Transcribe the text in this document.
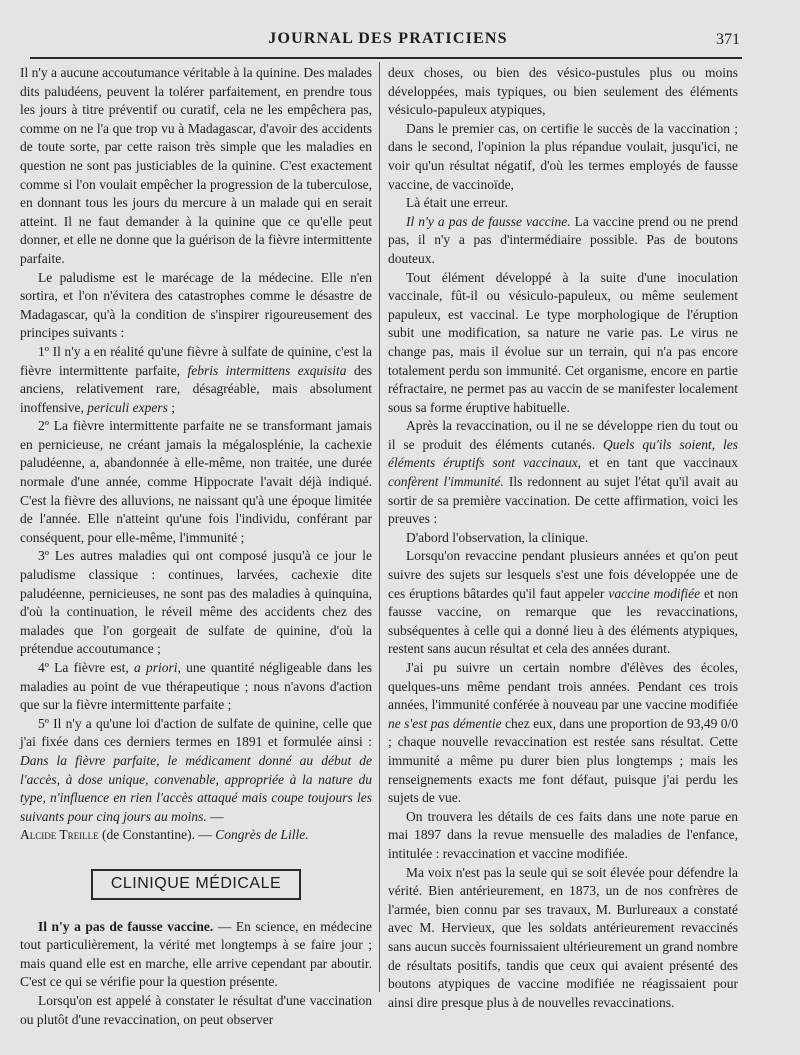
JOURNAL DES PRATICIENS	371

Il n'y a aucune accoutumance véritable à la quinine. Des malades dits paludéens, peuvent la tolérer parfaitement, en prendre tous les jours à titre préventif ou curatif, cela ne les empêchera pas, comme on ne l'a que trop vu à Madagascar, d'avoir des accidents de toute sorte, par cette raison très simple que les maladies en question ne sont pas justiciables de la quinine. C'est exactement comme si l'on voulait empêcher la progression de la tuberculose, en donnant tous les jours du mercure à un malade qui en serait atteint. Il ne faut demander à la quinine que ce qu'elle peut donner, et elle ne donne que la guérison de la fièvre intermittente parfaite.

Le paludisme est le marécage de la médecine. Elle n'en sortira, et l'on n'évitera des catastrophes comme le désastre de Madagascar, qu'à la condition de s'inspirer rigoureusement des principes suivants :

1º Il n'y a en réalité qu'une fièvre à sulfate de quinine, c'est la fièvre intermittente parfaite, febris intermittens exquisita des anciens, relativement rare, désagréable, mais absolument inoffensive, periculi expers ;

2º La fièvre intermittente parfaite ne se transformant jamais en pernicieuse, ne créant jamais la mégalosplénie, la cachexie paludéenne, a, abandonnée à elle-même, non traitée, une durée normale d'une année, comme Hippocrate l'avait déjà indiqué. C'est la fièvre des alluvions, ne naissant qu'à une époque limitée de l'année. Elle n'atteint qu'une fois l'individu, conférant par conséquent, pour elle-même, l'immunité ;

3º Les autres maladies qui ont composé jusqu'à ce jour le paludisme classique : continues, larvées, cachexie dite paludéenne, pernicieuses, ne sont pas des maladies à quinquina, d'où la continuation, le réveil même des accidents chez des malades que l'on gorgeait de sulfate de quinine, d'où la prétendue accoutumance ;

4º La fièvre est, a priori, une quantité négligeable dans les maladies au point de vue thérapeutique ; nous n'avons d'action que sur la fièvre intermittente parfaite ;

5º Il n'y a qu'une loi d'action de sulfate de quinine, celle que j'ai fixée dans ces derniers termes en 1891 et formulée ainsi : Dans la fièvre parfaite, le médicament donné au début de l'accès, à dose unique, convenable, appropriée à la nature du type, n'influence en rien l'accès attaqué mais coupe toujours les suivants pour cinq jours au moins. —

Alcide Treille (de Constantine). — Congrès de Lille.

CLINIQUE MÉDICALE

Il n'y a pas de fausse vaccine. — En science, en médecine tout particulièrement, la vérité met longtemps à se faire jour ; mais quand elle est en marche, elle arrive cependant par aboutir. C'est ce qui se vérifie pour la question présente.

Lorsqu'on est appelé à constater le résultat d'une vaccination ou plutôt d'une revaccination, on peut observer

deux choses, ou bien des vésico-pustules plus ou moins développées, mais typiques, ou bien seulement des éléments vésiculo-papuleux atypiques,

Dans le premier cas, on certifie le succès de la vaccination ; dans le second, l'opinion la plus répandue voulait, jusqu'ici, ne voir qu'un résultat négatif, d'où les termes employés de fausse vaccine, de vaccinoïde,

Là était une erreur.

Il n'y a pas de fausse vaccine. La vaccine prend ou ne prend pas, il n'y a pas d'intermédiaire possible. Pas de boutons douteux.

Tout élément développé à la suite d'une inoculation vaccinale, fût-il ou vésiculo-papuleux, ou même seulement papuleux, est vaccinal. Le type morphologique de l'éruption subit une modification, sa nature ne varie pas. Le virus ne change pas, mais il évolue sur un terrain, qui n'a pas encore totalement perdu son immunité. Cet organisme, encore en partie réfractaire, ne permet pas au vaccin de se manifester localement sous sa forme éruptive habituelle.

Après la revaccination, ou il ne se développe rien du tout ou il se produit des éléments cutanés. Quels qu'ils soient, les éléments éruptifs sont vaccinaux, et en tant que vaccinaux confèrent l'immunité. Ils redonnent au sujet l'état qu'il avait au sortir de sa première vaccination. De cette affirmation, voici les preuves :

D'abord l'observation, la clinique.

Lorsqu'on revaccine pendant plusieurs années et qu'on peut suivre des sujets sur lesquels s'est une fois développée une de ces éruptions bâtardes qu'il faut appeler vaccine modifiée et non fausse vaccine, on remarque que les revaccinations, subséquentes à celle qui a donné lieu à des éléments atypiques, restent sans aucun résultat et cela des années durant.

J'ai pu suivre un certain nombre d'élèves des écoles, quelques-uns même pendant trois années. Pendant ces trois années, l'immunité conférée à nouveau par une vaccine modifiée ne s'est pas démentie chez eux, dans une proportion de 93,49 0/0 ; chaque nouvelle revaccination est restée sans résultat. Cette immunité a même pu durer bien plus longtemps ; mais les renseignements exacts me font défaut, puisque j'ai perdu les sujets de vue.

On trouvera les détails de ces faits dans une note parue en mai 1897 dans la revue mensuelle des maladies de l'enfance, intitulée : revaccination et vaccine modifiée.

Ma voix n'est pas la seule qui se soit élevée pour défendre la vérité. Bien antérieurement, en 1873, un de nos confrères de l'armée, bien connu par ses travaux, M. Burlureaux a constaté avec M. Hervieux, que les soldats antérieurement revaccinés sans aucun succès fournissaient ultérieurement un grand nombre de résultats positifs, tandis que ceux qui avaient présenté des boutons atypiques de vaccine modifiée ne réagissaient pour ainsi dire presque plus à de nouvelles revaccinations.
